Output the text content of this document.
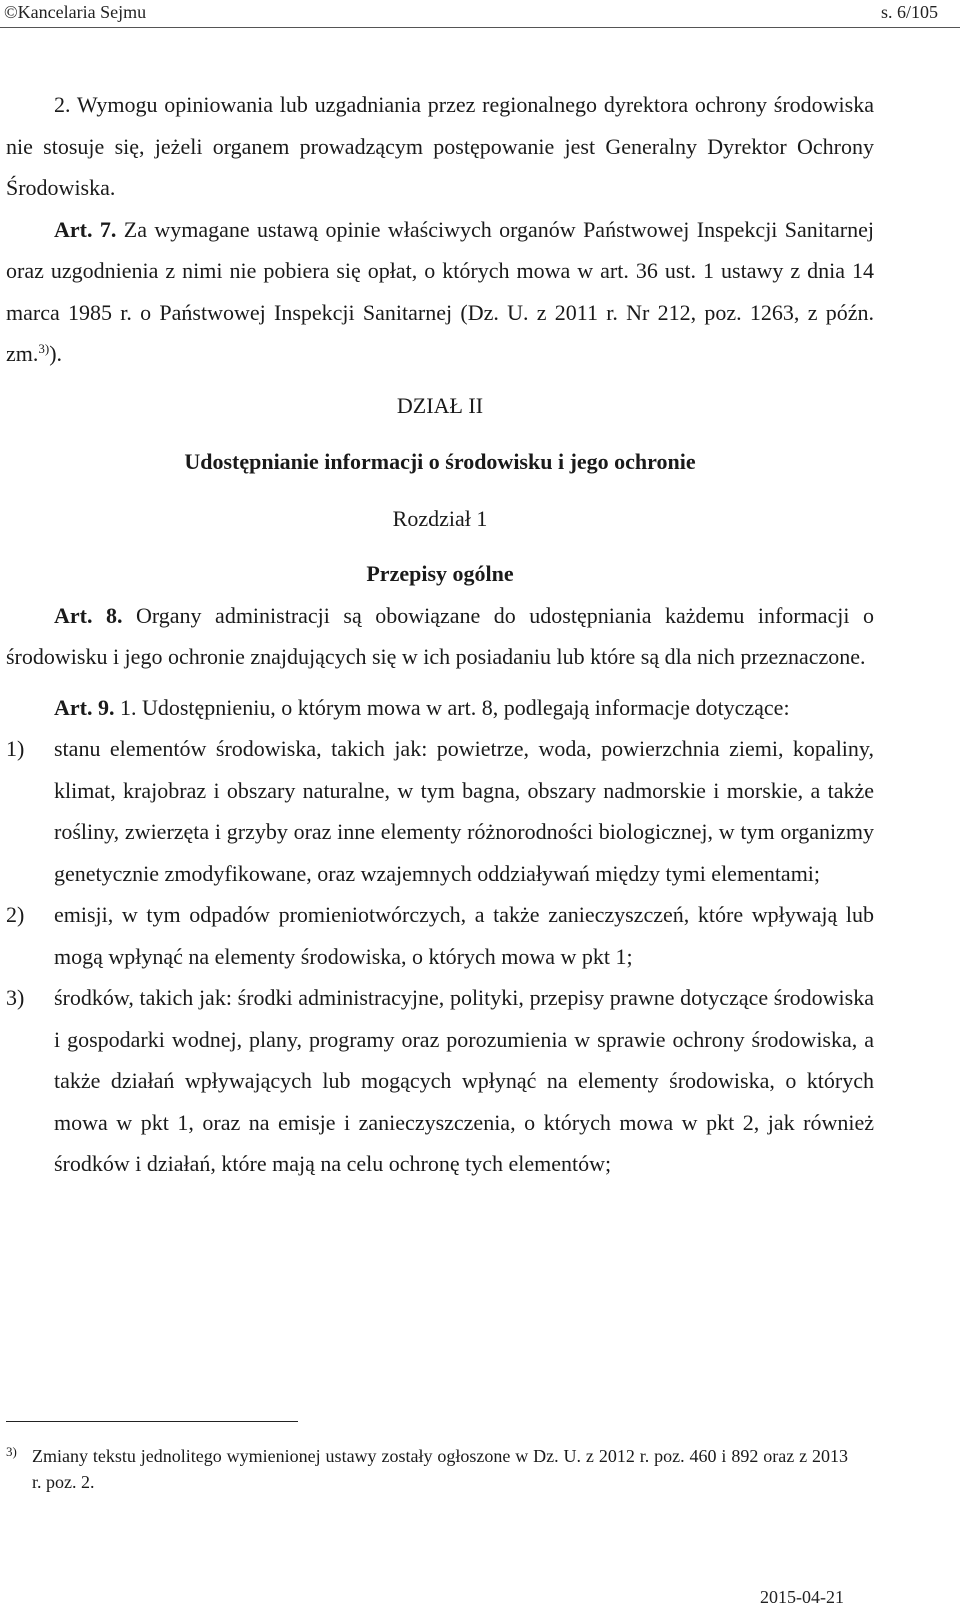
©Kancelaria Sejmu	s. 6/105

2. Wymogu opiniowania lub uzgadniania przez regionalnego dyrektora ochrony środowiska nie stosuje się, jeżeli organem prowadzącym postępowanie jest Generalny Dyrektor Ochrony Środowiska.

Art. 7. Za wymagane ustawą opinie właściwych organów Państwowej Inspekcji Sanitarnej oraz uzgodnienia z nimi nie pobiera się opłat, o których mowa w art. 36 ust. 1 ustawy z dnia 14 marca 1985 r. o Państwowej Inspekcji Sanitarnej (Dz. U. z 2011 r. Nr 212, poz. 1263, z późn. zm.$^{3)}$).

DZIAŁ II

Udostępnianie informacji o środowisku i jego ochronie

Rozdział 1

Przepisy ogólne

Art. 8. Organy administracji są obowiązane do udostępniania każdemu informacji o środowisku i jego ochronie znajdujących się w ich posiadaniu lub które są dla nich przeznaczone.

Art. 9. 1. Udostępnieniu, o którym mowa w art. 8, podlegają informacje dotyczące:

1) stanu elementów środowiska, takich jak: powietrze, woda, powierzchnia ziemi, kopaliny, klimat, krajobraz i obszary naturalne, w tym bagna, obszary nadmorskie i morskie, a także rośliny, zwierzęta i grzyby oraz inne elementy różnorodności biologicznej, w tym organizmy genetycznie zmodyfikowane, oraz wzajemnych oddziaływań między tymi elementami;
2) emisji, w tym odpadów promieniotwórczych, a także zanieczyszczeń, które wpływają lub mogą wpłynąć na elementy środowiska, o których mowa w pkt 1;
3) środków, takich jak: środki administracyjne, polityki, przepisy prawne dotyczące środowiska i gospodarki wodnej, plany, programy oraz porozumienia w sprawie ochrony środowiska, a także działań wpływających lub mogących wpłynąć na elementy środowiska, o których mowa w pkt 1, oraz na emisje i zanieczyszczenia, o których mowa w pkt 2, jak również środków i działań, które mają na celu ochronę tych elementów;
3) Zmiany tekstu jednolitego wymienionej ustawy zostały ogłoszone w Dz. U. z 2012 r. poz. 460 i 892 oraz z 2013 r. poz. 2.
2015-04-21
